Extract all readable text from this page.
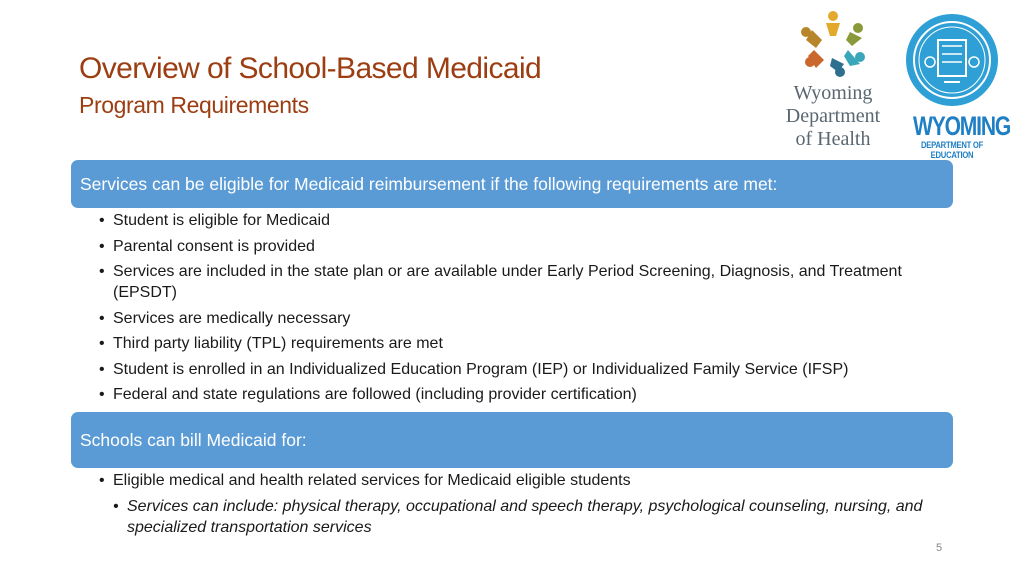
Overview of School-Based Medicaid
Program Requirements	Wyoming
Department
of Health	WYOMING
DEPARTMENT OF EDUCATION
Services can be eligible for Medicaid reimbursement if the following requirements are met:
• Student is eligible for Medicaid
• Parental consent is provided
• Services are included in the state plan or are available under Early Period Screening, Diagnosis, and Treatment (EPSDT)
• Services are medically necessary
• Third party liability (TPL) requirements are met
• Student is enrolled in an Individualized Education Program (IEP) or Individualized Family Service (IFSP)
• Federal and state regulations are followed (including provider certification)
Schools can bill Medicaid for:
• Eligible medical and health related services for Medicaid eligible students
• Services can include: physical therapy, occupational and speech therapy, psychological counseling, nursing, and specialized transportation services
5
